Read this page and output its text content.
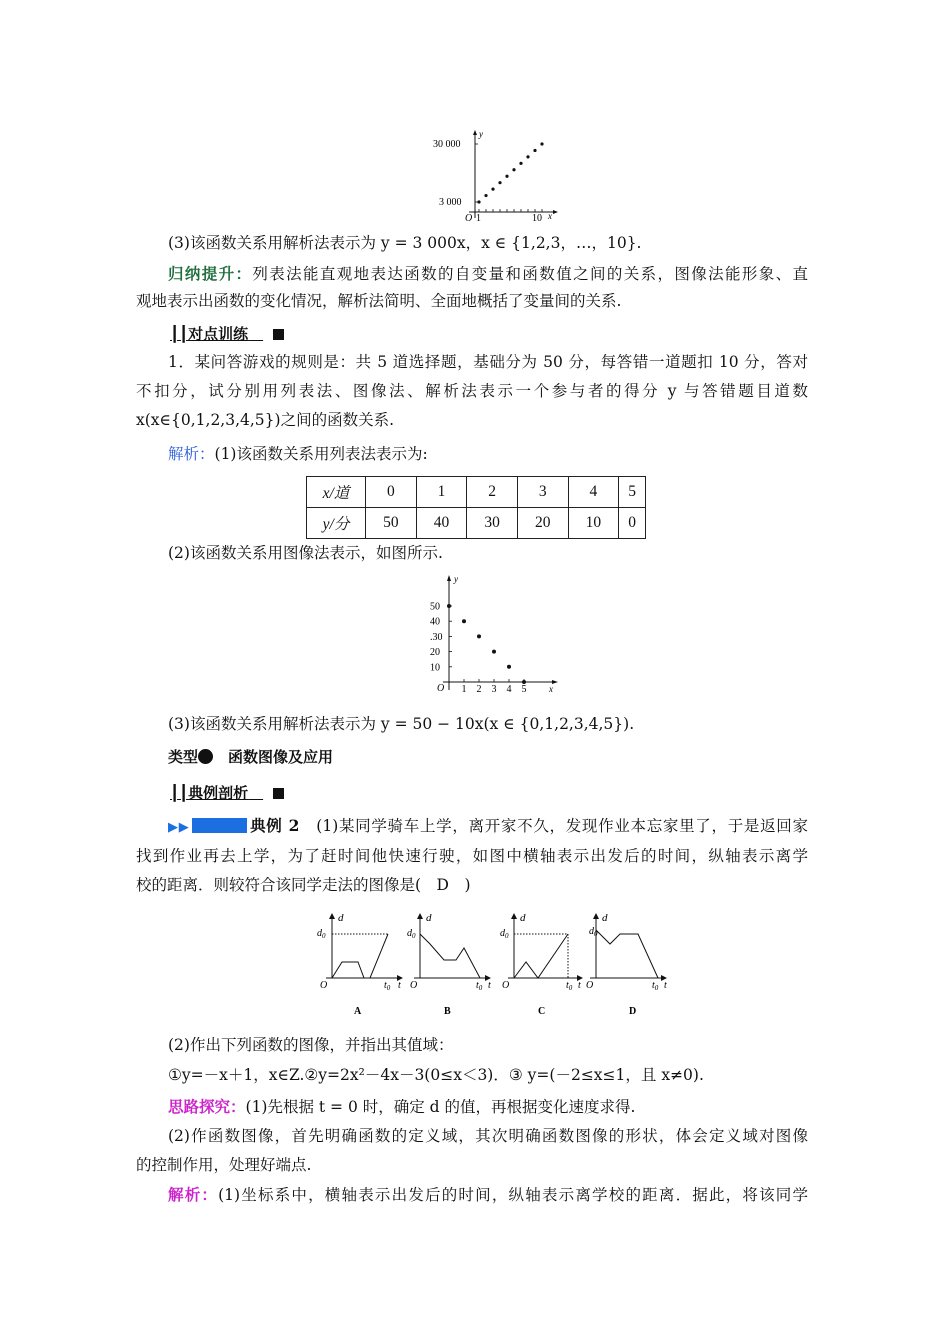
y
x
30 000
3 000
O 1	10
(3)该函数关系用解析法表示为 y = 3 000x，x ∈ {1,2,3，…，10}.
归纳提升：列表法能直观地表达函数的自变量和函数值之间的关系，图像法能形象、直
观地表示出函数的变化情况，解析法简明、全面地概括了变量间的关系.
┃┃对点训练　
1．某问答游戏的规则是：共 5 道选择题，基础分为 50 分，每答错一道题扣 10 分，答对
不扣分，试分别用列表法、图像法、解析法表示一个参与者的得分 y 与答错题目道数
x(x∈{0,1,2,3,4,5})之间的函数关系.
解析：(1)该函数关系用列表法表示为:
x/道	0	1	2	3	4	5
y/分	50	40	30	20	10	0
(2)该函数关系用图像法表示，如图所示.
y
x
O
50
40
.30
20
10
1 2 3 4 5
(3)该函数关系用解析法表示为 y = 50 − 10x(x ∈ {0,1,2,3,4,5}).
类型　 函数图像及应用
┃┃典例剖析　
▶▶	典例 2　 (1)某同学骑车上学，离开家不久，发现作业本忘家里了，于是返回家
找到作业再去上学，为了赶时间他快速行驶，如图中横轴表示出发后的时间，纵轴表示离学
校的距离．则较符合该同学走法的图像是(　D　)
d
$d_0$
O	$t_0$ t
A
d
$d_0$
O	$t_0$ t
B
d
$d_0$
O	$t_0$ t
C
d
$d_0$
O	$t_0$ t
D
(2)作出下列函数的图像，并指出其值域：
①y=－x＋1，x∈Z.②y=2x²－4x－3(0≤x＜3)．③ y=(－2≤x≤1，且 x≠0).
思路探究：(1)先根据 t = 0 时，确定 d 的值，再根据变化速度求得.
(2)作函数图像，首先明确函数的定义域，其次明确函数图像的形状，体会定义域对图像
的控制作用，处理好端点.
解析：(1)坐标系中，横轴表示出发后的时间，纵轴表示离学校的距离．据此，将该同学
